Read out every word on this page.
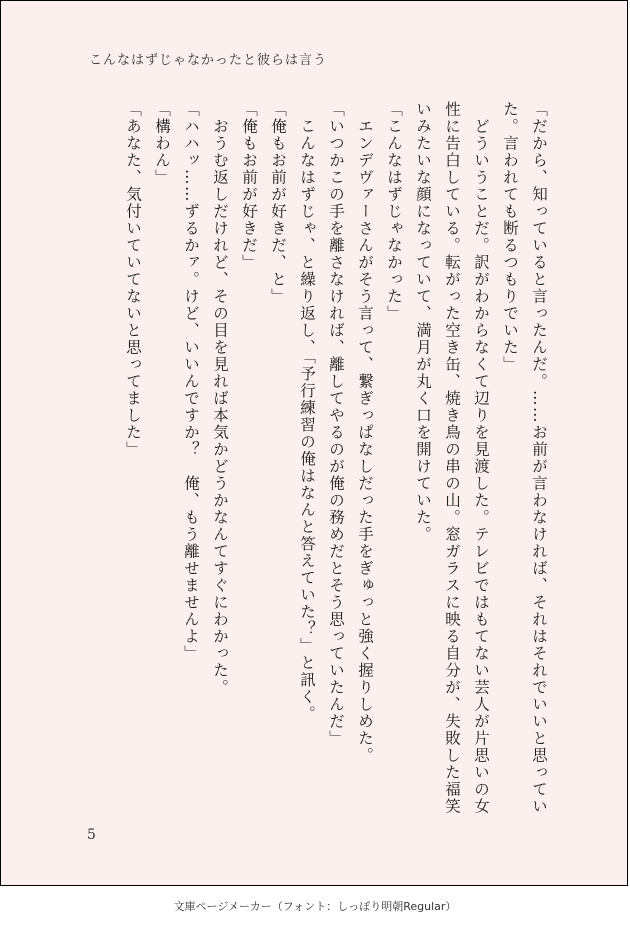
こんなはずじゃなかったと彼らは言う

「だから、知っていると言ったんだ。……お前が言わなければ、それはそれでいいと思っていた。言われても断るつもりでいた」

　どういうことだ。訳がわからなくて辺りを見渡した。テレビではもてない芸人が片思いの女性に告白している。転がった空き缶、焼き鳥の串の山。窓ガラスに映る自分が、失敗した福笑いみたいな顔になっていて、満月が丸く口を開けていた。

「こんなはずじゃなかった」

　エンデヴァーさんがそう言って、繋ぎっぱなしだった手をぎゅっと強く握りしめた。

「いつかこの手を離さなければ、離してやるのが俺の務めだとそう思っていたんだ」

　こんなはずじゃ、と繰り返し、「予行練習の俺はなんと答えていた？」と訊く。

「俺もお前が好きだ、と」

「俺もお前が好きだ」

　おうむ返しだけれど、その目を見れば本気かどうかなんてすぐにわかった。

「ハハッ……ずるかァ。けど、いいんですか？　俺、もう離せませんよ」

「構わん」

「あなた、気付いていてないと思ってました」

5
文庫ページメーカー（フォント：しっぽり明朝Regular）
